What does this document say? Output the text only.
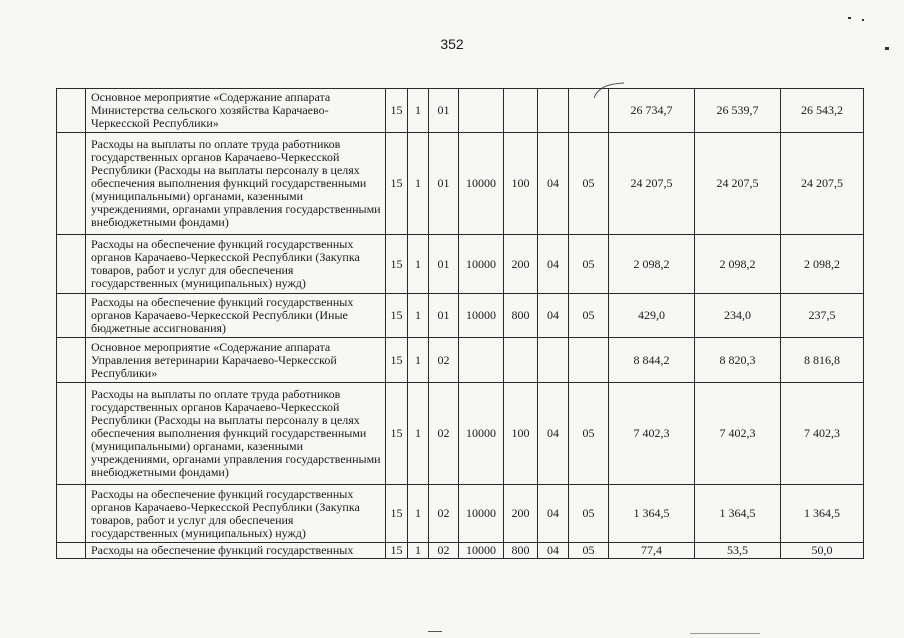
352
	Основное мероприятие «Содержание аппарата Министерства сельского хозяйства Карачаево-Черкесской Республики»	15	1	01					26 734,7	26 539,7	26 543,2
	Расходы на выплаты по оплате труда работников государственных органов Карачаево-Черкесской Республики (Расходы на выплаты персоналу в целях обеспечения выполнения функций государственными (муниципальными) органами, казенными учреждениями, органами управления государственными внебюджетными фондами)	15	1	01	10000	100	04	05	24 207,5	24 207,5	24 207,5
	Расходы на обеспечение функций государственных органов Карачаево-Черкесской Республики (Закупка товаров, работ и услуг для обеспечения государственных (муниципальных) нужд)	15	1	01	10000	200	04	05	2 098,2	2 098,2	2 098,2
	Расходы на обеспечение функций государственных органов Карачаево-Черкесской Республики (Иные бюджетные ассигнования)	15	1	01	10000	800	04	05	429,0	234,0	237,5
	Основное мероприятие «Содержание аппарата Управления ветеринарии Карачаево-Черкесской Республики»	15	1	02					8 844,2	8 820,3	8 816,8
	Расходы на выплаты по оплате труда работников государственных органов Карачаево-Черкесской Республики (Расходы на выплаты персоналу в целях обеспечения выполнения функций государственными (муниципальными) органами, казенными учреждениями, органами управления государственными внебюджетными фондами)	15	1	02	10000	100	04	05	7 402,3	7 402,3	7 402,3
	Расходы на обеспечение функций государственных органов Карачаево-Черкесской Республики (Закупка товаров, работ и услуг для обеспечения государственных (муниципальных) нужд)	15	1	02	10000	200	04	05	1 364,5	1 364,5	1 364,5
	Расходы на обеспечение функций государственных	15	1	02	10000	800	04	05	77,4	53,5	50,0
